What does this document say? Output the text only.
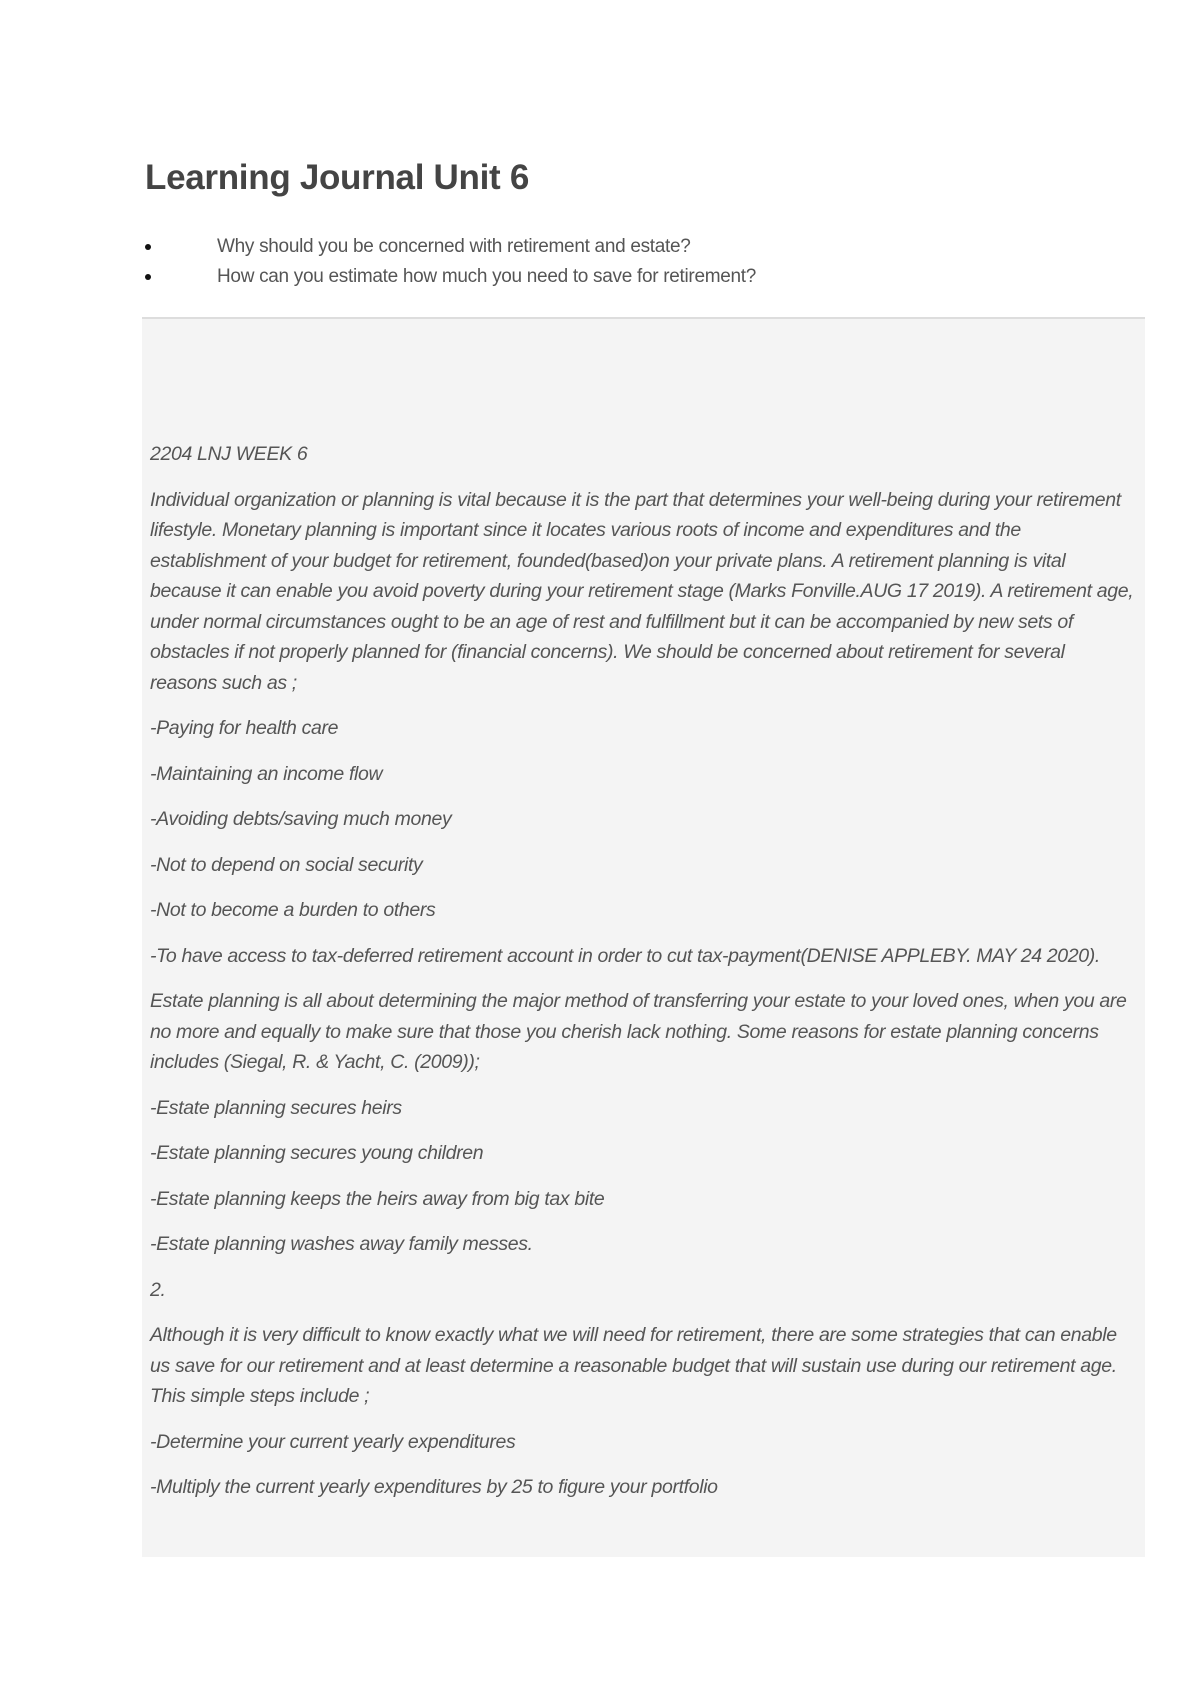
Learning Journal Unit 6
Why should you be concerned with retirement and estate?
How can you estimate how much you need to save for retirement?

2204 LNJ WEEK 6

Individual organization or planning is vital because it is the part that determines your well-being during your retirement lifestyle. Monetary planning is important since it locates various roots of income and expenditures and the establishment of your budget for retirement, founded(based)on your private plans. A retirement planning is vital because it can enable you avoid poverty during your retirement stage (Marks Fonville.AUG 17 2019). A retirement age, under normal circumstances ought to be an age of rest and fulfillment but it can be accompanied by new sets of obstacles if not properly planned for (financial concerns). We should be concerned about retirement for several reasons such as ;

-Paying for health care

-Maintaining an income flow

-Avoiding debts/saving much money

-Not to depend on social security

-Not to become a burden to others

-To have access to tax-deferred retirement account in order to cut tax-payment(DENISE APPLEBY. MAY 24 2020).

Estate planning is all about determining the major method of transferring your estate to your loved ones, when you are no more and equally to make sure that those you cherish lack nothing. Some reasons for estate planning concerns includes (Siegal, R. & Yacht, C. (2009));

-Estate planning secures heirs

-Estate planning secures young children

-Estate planning keeps the heirs away from big tax bite

-Estate planning washes away family messes.

2.

Although it is very difficult to know exactly what we will need for retirement, there are some strategies that can enable us save for our retirement and at least determine a reasonable budget that will sustain use during our retirement age. This simple steps include ;

-Determine your current yearly expenditures

-Multiply the current yearly expenditures by 25 to figure your portfolio
